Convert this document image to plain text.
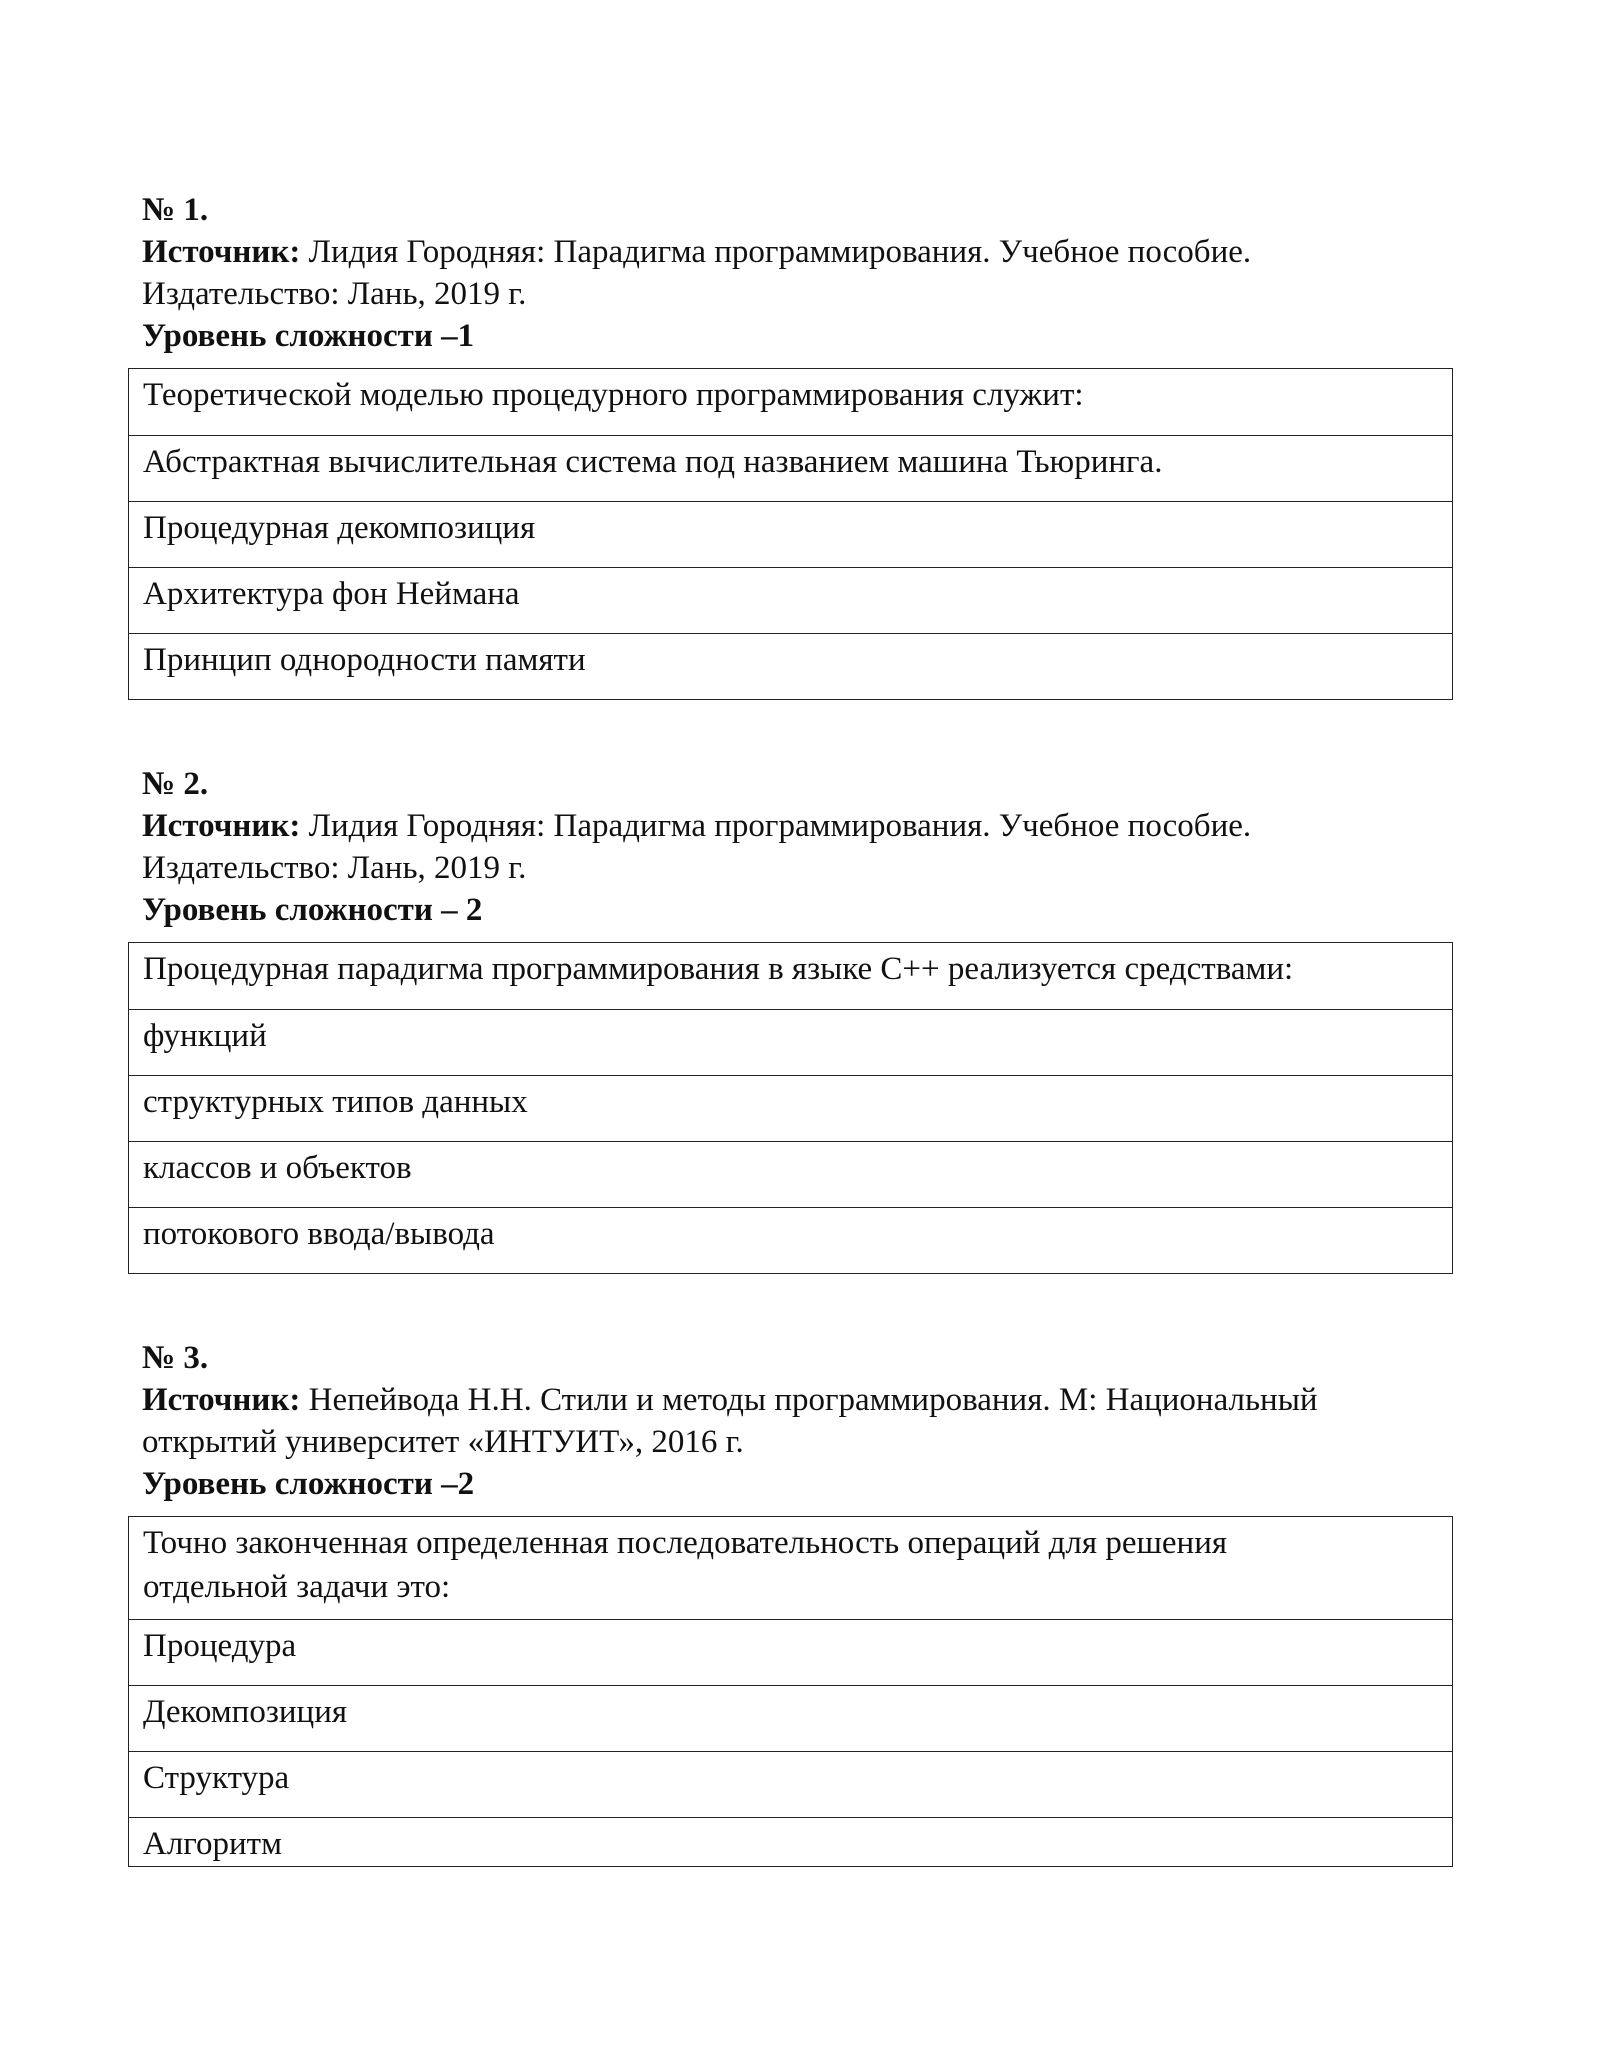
№ 1.
Источник: Лидия Городняя: Парадигма программирования. Учебное пособие.
Издательство: Лань, 2019 г.
Уровень сложности –1
Теоретической моделью процедурного программирования служит:
Абстрактная вычислительная система под названием машина Тьюринга.
Процедурная декомпозиция
Архитектура фон Неймана
Принцип однородности памяти
№ 2.
Источник: Лидия Городняя: Парадигма программирования. Учебное пособие.
Издательство: Лань, 2019 г.
Уровень сложности – 2
Процедурная парадигма программирования в языке С++ реализуется средствами:
функций
структурных типов данных
классов и объектов
потокового ввода/вывода
№ 3.
Источник: Непейвода Н.Н. Стили и методы программирования. М: Национальный
открытий университет «ИНТУИТ», 2016 г.
Уровень сложности –2
Точно законченная определенная последовательность операций для решения
отдельной задачи это:
Процедура
Декомпозиция
Структура
Алгоритм
